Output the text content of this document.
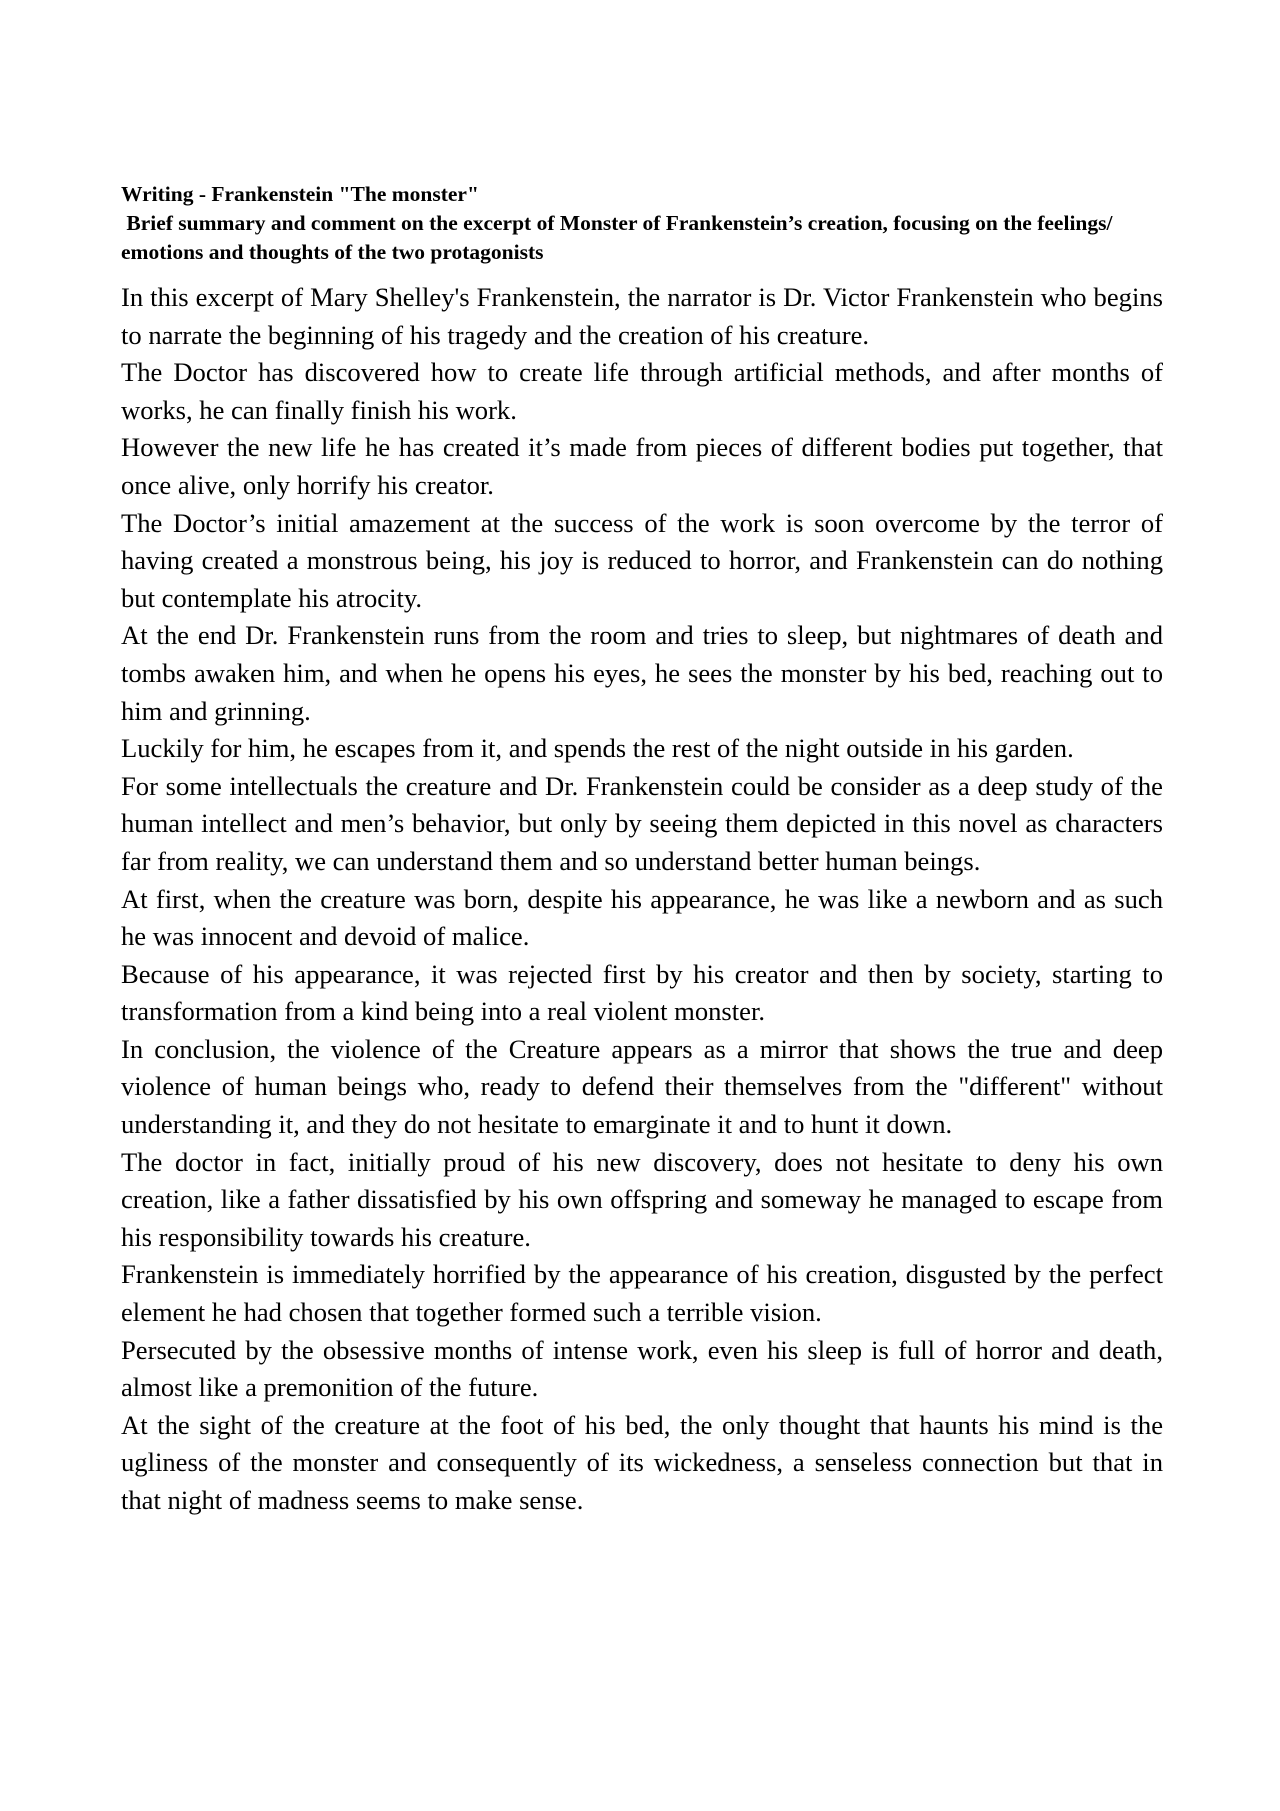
Writing - Frankenstein "The monster"
Brief summary and comment on the excerpt of Monster of Frankenstein’s creation, focusing on the feelings/ emotions and thoughts of the two protagonists

In this excerpt of Mary Shelley's Frankenstein, the narrator is Dr. Victor Frankenstein who begins to narrate the beginning of his tragedy and the creation of his creature.

The Doctor has discovered how to create life through artificial methods, and after months of works, he can finally finish his work.

However the new life he has created it’s made from pieces of different bodies put together, that once alive, only horrify his creator.

The Doctor’s initial amazement at the success of the work is soon overcome by the terror of having created a monstrous being, his joy is reduced to horror, and Frankenstein can do nothing but contemplate his atrocity.

At the end Dr. Frankenstein runs from the room and tries to sleep, but nightmares of death and tombs awaken him, and when he opens his eyes, he sees the monster by his bed, reaching out to him and grinning.

Luckily for him, he escapes from it, and spends the rest of the night outside in his garden.

For some intellectuals the creature and Dr. Frankenstein could be consider as a deep study of the human intellect and men’s behavior, but only by seeing them depicted in this novel as characters far from reality, we can understand them and so understand better human beings.

At first, when the creature was born, despite his appearance, he was like a newborn and as such he was innocent and devoid of malice.

Because of his appearance, it was rejected first by his creator and then by society, starting to transformation from a kind being into a real violent monster.

In conclusion, the violence of the Creature appears as a mirror that shows the true and deep violence of human beings who, ready to defend their themselves from the "different" without understanding it, and they do not hesitate to emarginate it and to hunt it down.

The doctor in fact, initially proud of his new discovery, does not hesitate to deny his own creation, like a father dissatisfied by his own offspring and someway he managed to escape from his responsibility towards his creature.

Frankenstein is immediately horrified by the appearance of his creation, disgusted by the perfect element he had chosen that together formed such a terrible vision.

Persecuted by the obsessive months of intense work, even his sleep is full of horror and death, almost like a premonition of the future.

At the sight of the creature at the foot of his bed, the only thought that haunts his mind is the ugliness of the monster and consequently of its wickedness, a senseless connection but that in that night of madness seems to make sense.
